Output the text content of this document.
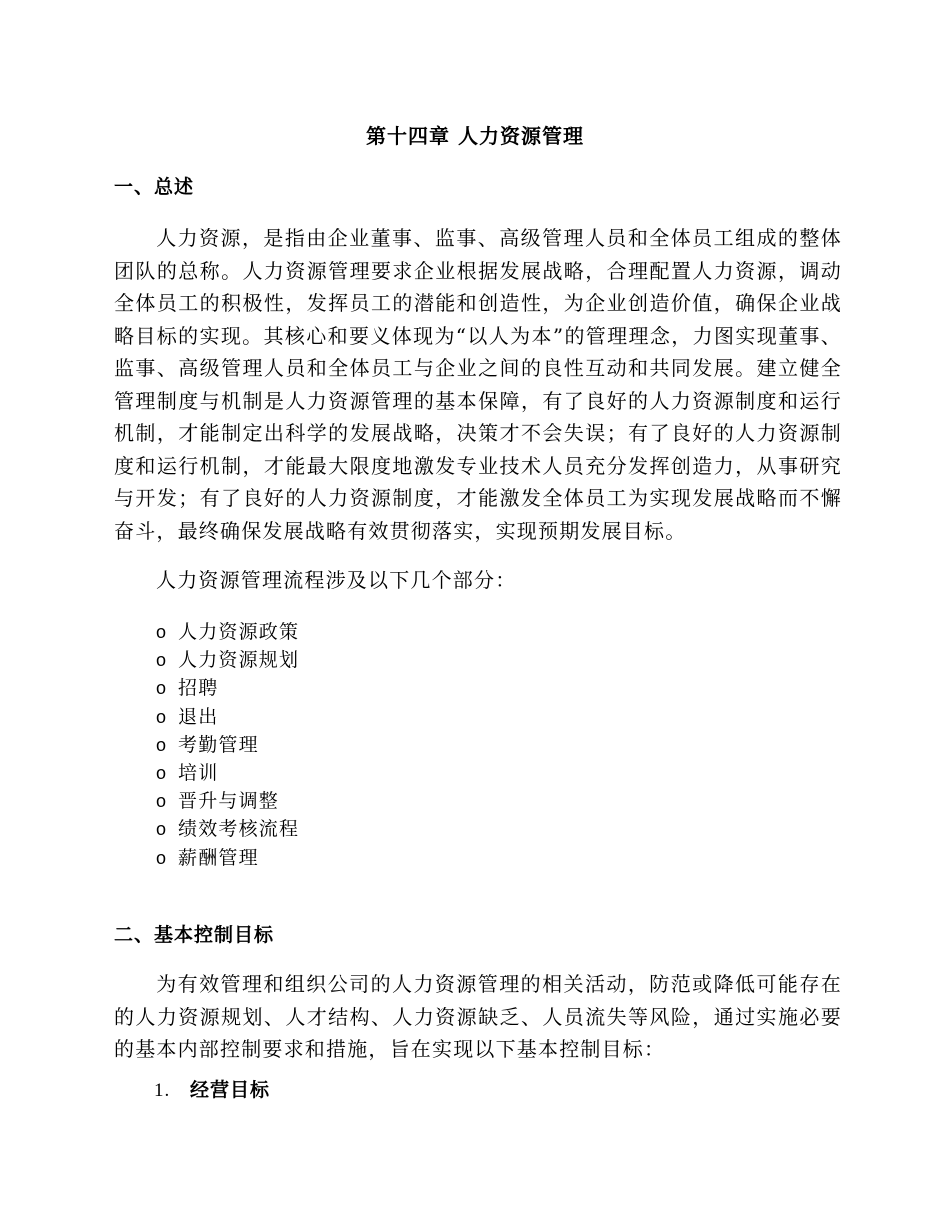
第十四章 人力资源管理
一、总述

人力资源，是指由企业董事、监事、高级管理人员和全体员工组成的整体团队的总称。人力资源管理要求企业根据发展战略，合理配置人力资源，调动全体员工的积极性，发挥员工的潜能和创造性，为企业创造价值，确保企业战略目标的实现。其核心和要义体现为“以人为本”的管理理念，力图实现董事、监事、高级管理人员和全体员工与企业之间的良性互动和共同发展。建立健全管理制度与机制是人力资源管理的基本保障，有了良好的人力资源制度和运行机制，才能制定出科学的发展战略，决策才不会失误；有了良好的人力资源制度和运行机制，才能最大限度地激发专业技术人员充分发挥创造力，从事研究与开发；有了良好的人力资源制度，才能激发全体员工为实现发展战略而不懈奋斗，最终确保发展战略有效贯彻落实，实现预期发展目标。

人力资源管理流程涉及以下几个部分：
o 人力资源政策
o 人力资源规划
o 招聘
o 退出
o 考勤管理
o 培训
o 晋升与调整
o 绩效考核流程
o 薪酬管理
二、基本控制目标

为有效管理和组织公司的人力资源管理的相关活动，防范或降低可能存在的人力资源规划、人才结构、人力资源缺乏、人员流失等风险，通过实施必要的基本内部控制要求和措施，旨在实现以下基本控制目标：

1. 经营目标
